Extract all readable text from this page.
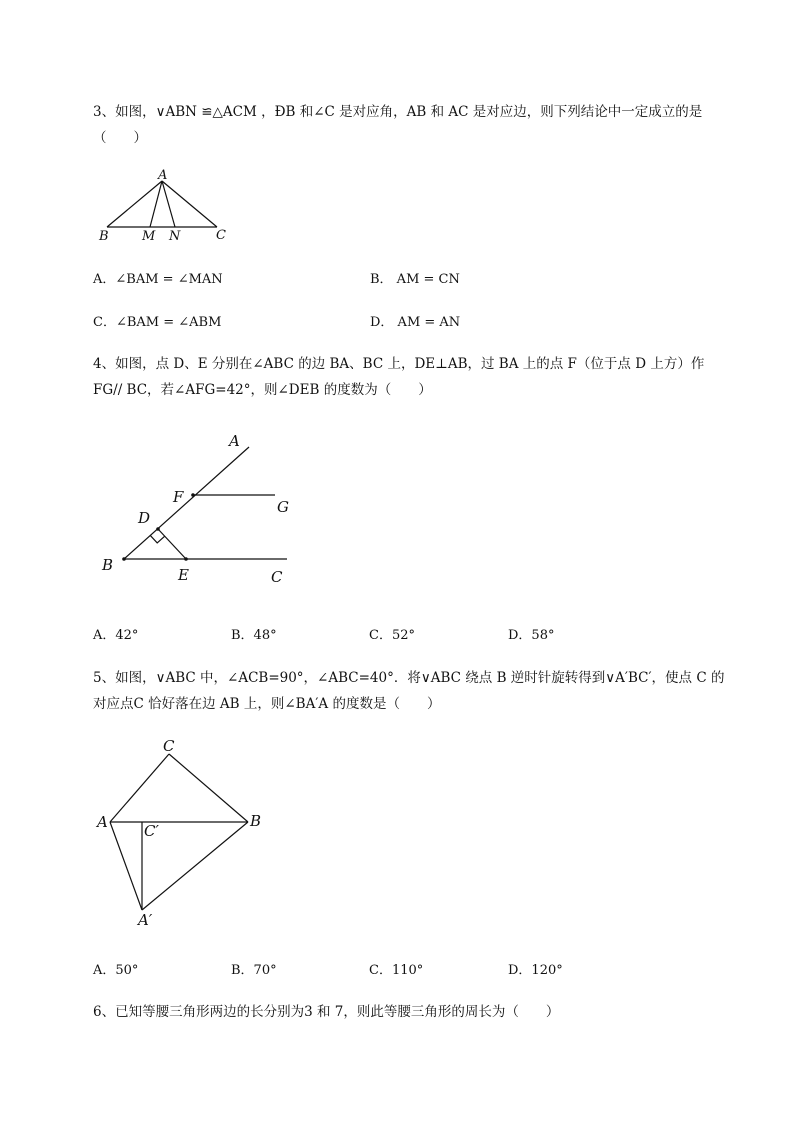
3、如图，∨ABN ≌△ACM ，ÐB 和∠C 是对应角，AB 和 AC 是对应边，则下列结论中一定成立的是
（　　）
A
B	M N	C
A．∠BAM = ∠MAN	B． AM = CN
C．∠BAM = ∠ABM	D． AM = AN
4、如图，点 D、E 分别在∠ABC 的边 BA、BC 上，DE⊥AB，过 BA 上的点 F（位于点 D 上方）作
FG// BC，若∠AFG=42°，则∠DEB 的度数为（　　）
A
F
G
D
B
E	C
A．42°	B．48°	C．52°	D．58°
5、如图，∨ABC 中，∠ACB=90°，∠ABC=40°．将∨ABC 绕点 B 逆时针旋转得到∨A′BC′，使点 C 的
对应点C 恰好落在边 AB 上，则∠BA′A 的度数是（　　）
C
A C′
B
A′
A．50°	B．70°	C．110°	D．120°
6、已知等腰三角形两边的长分别为3 和 7，则此等腰三角形的周长为（　　）
